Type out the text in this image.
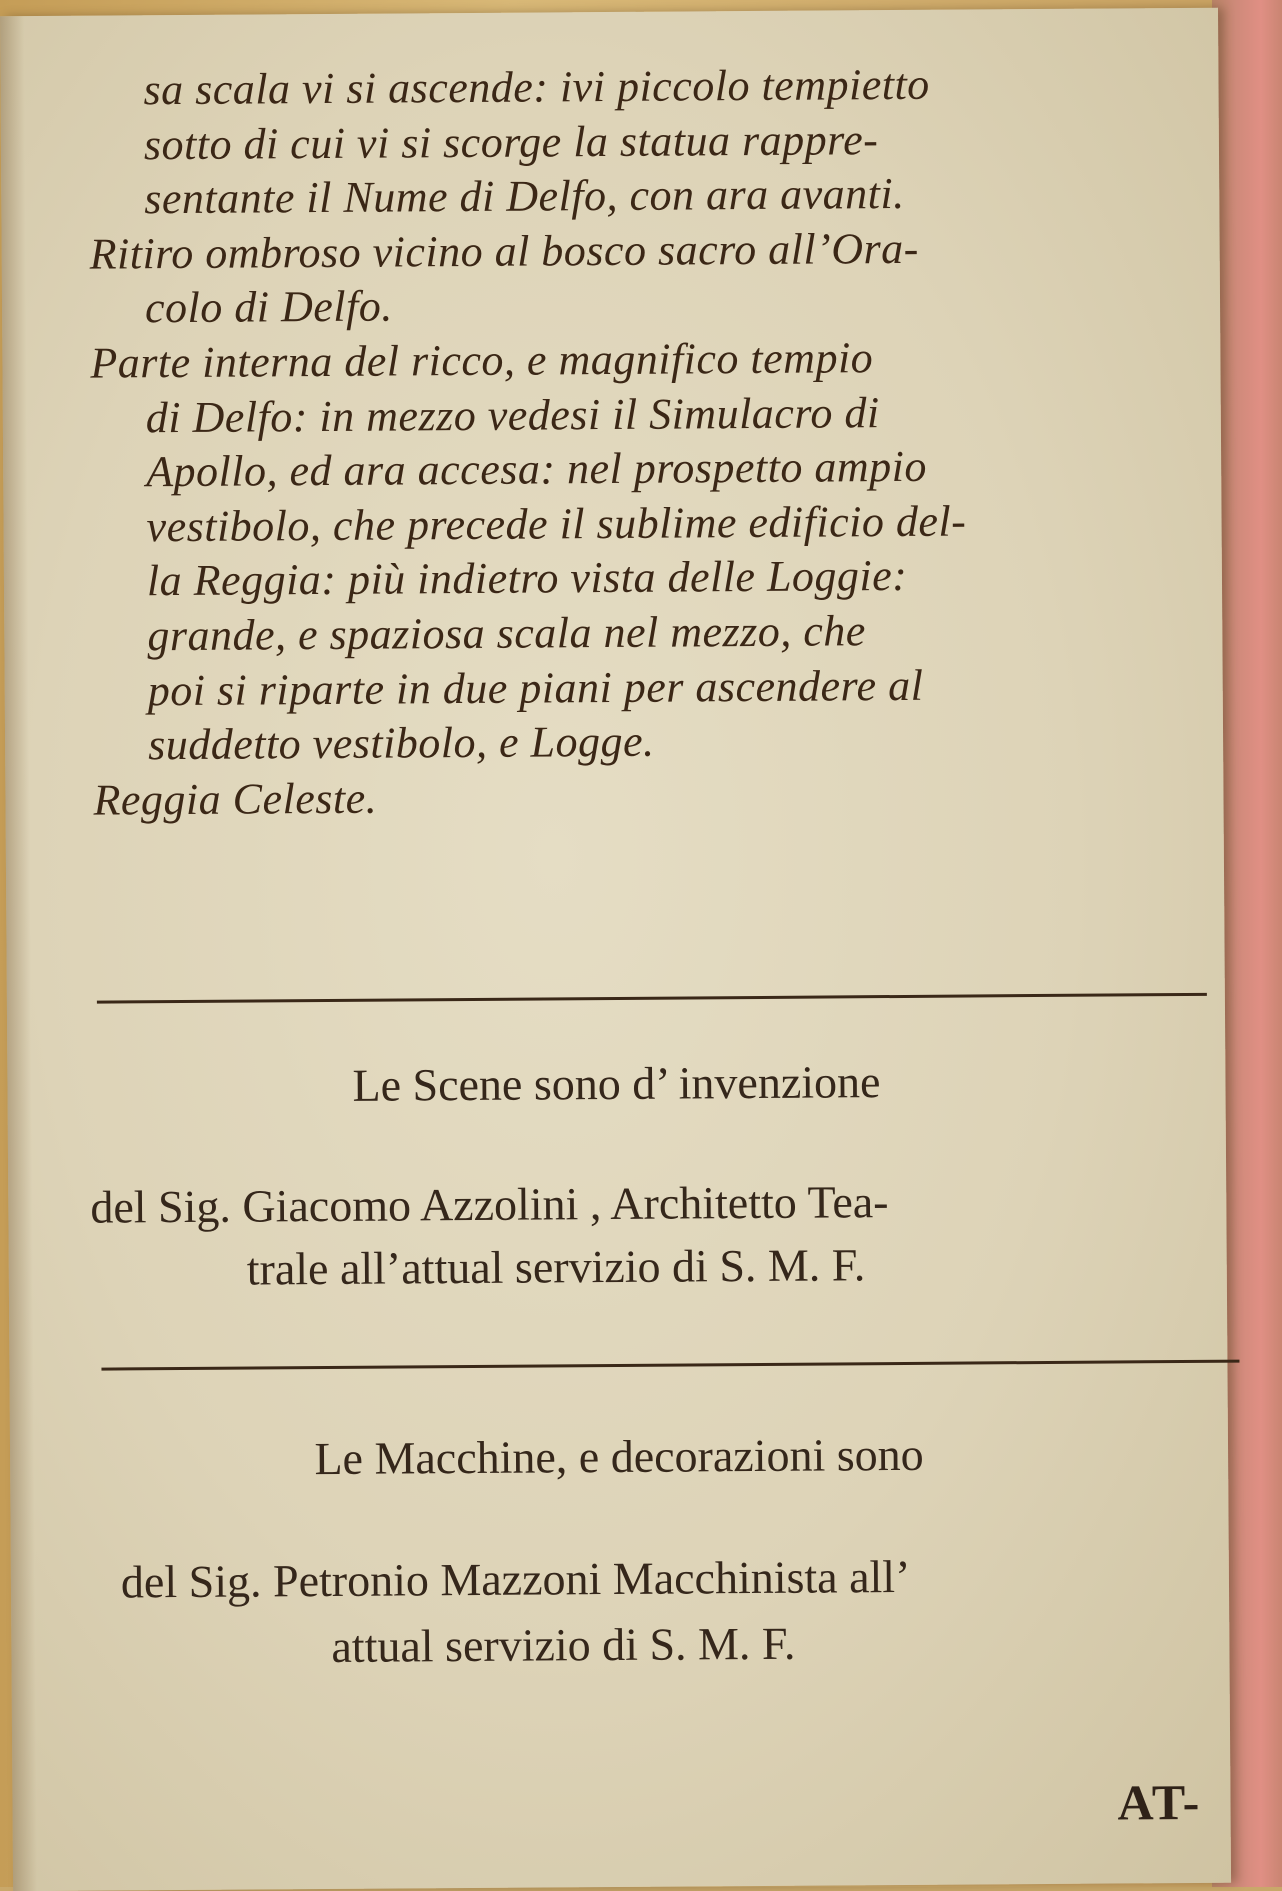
sa scala vi si ascende: ivi piccolo tempietto
sotto di cui vi si scorge la statua rappre-
sentante il Nume di Delfo, con ara avanti.
Ritiro ombroso vicino al bosco sacro all’Ora-
colo di Delfo.
Parte interna del ricco, e magnifico tempio
di Delfo: in mezzo vedesi il Simulacro di
Apollo, ed ara accesa: nel prospetto ampio
vestibolo, che precede il sublime edificio del-
la Reggia: più indietro vista delle Loggie:
grande, e spaziosa scala nel mezzo, che
poi si riparte in due piani per ascendere al
suddetto vestibolo, e Logge.
Reggia Celeste.
Le Scene sono d’ invenzione
del Sig. Giacomo Azzolini , Architetto Tea-
trale all’attual servizio di S. M. F.
Le Macchine, e decorazioni sono
del Sig. Petronio Mazzoni Macchinista all’
attual servizio di S. M. F.
AT-
